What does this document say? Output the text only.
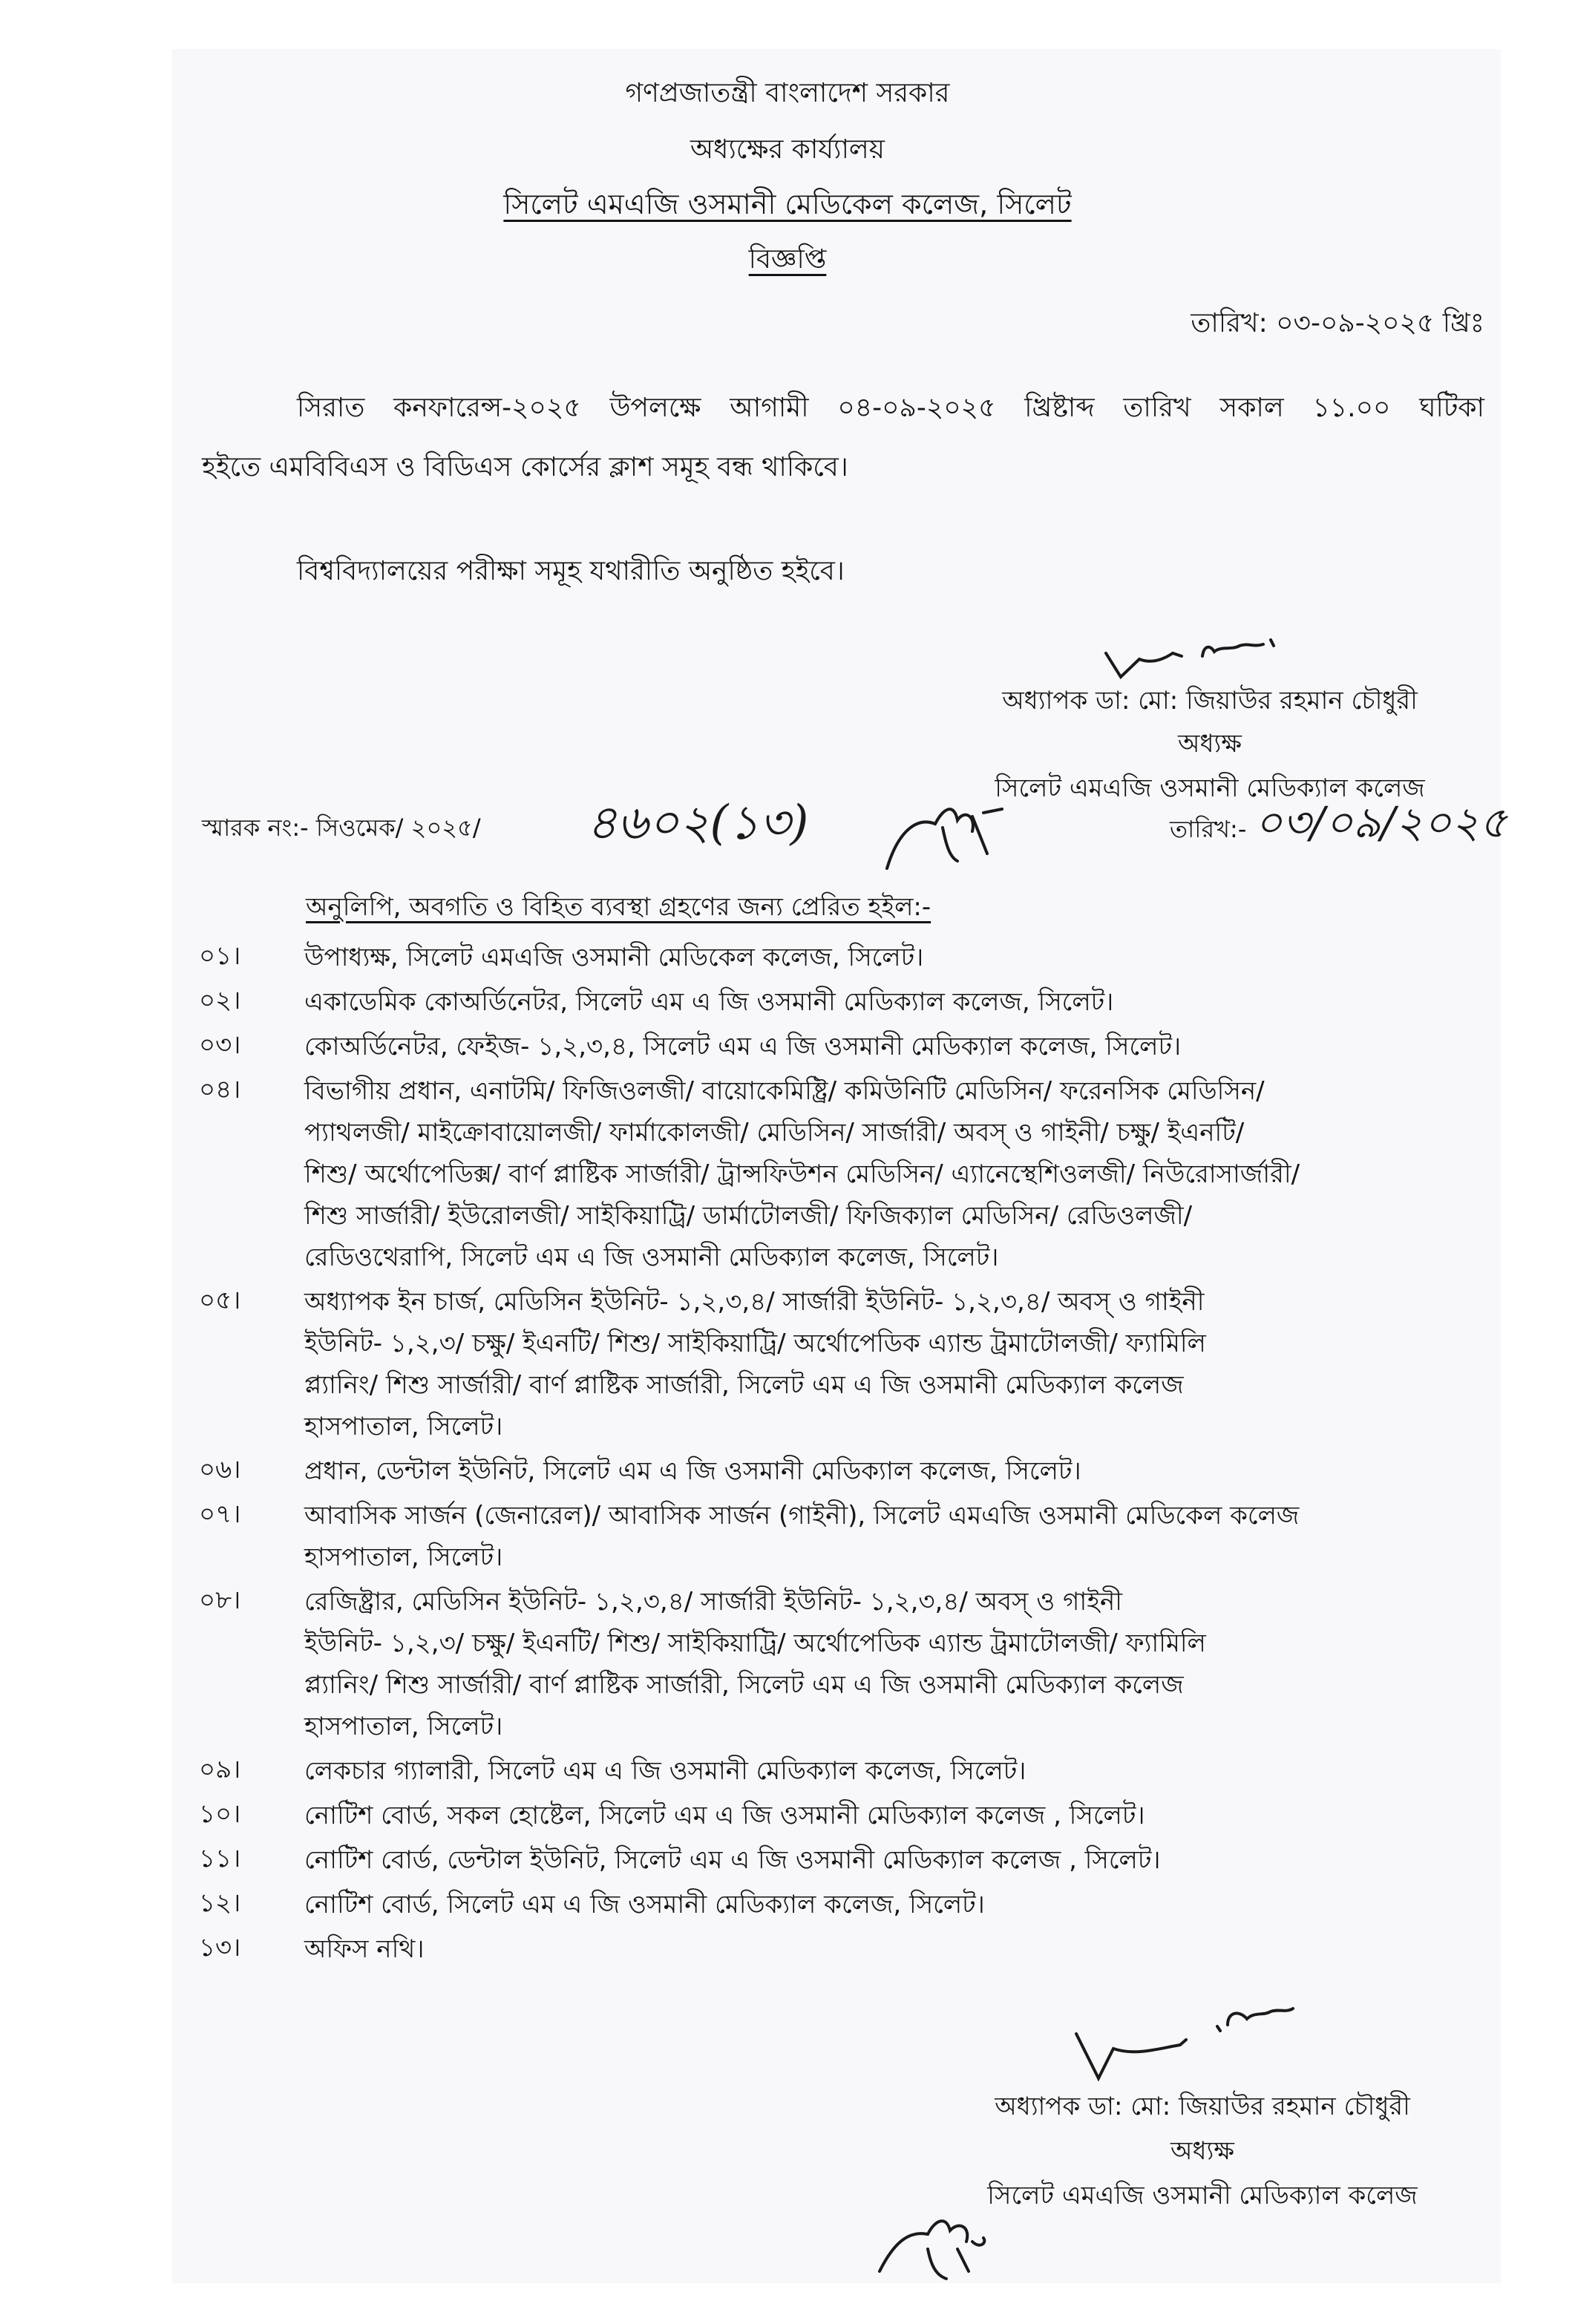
গণপ্রজাতন্ত্রী বাংলাদেশ সরকার
অধ্যক্ষের কার্য্যালয়
সিলেট এমএজি ওসমানী মেডিকেল কলেজ, সিলেট
বিজ্ঞপ্তি
তারিখ: ০৩-০৯-২০২৫ খ্রিঃ
সিরাত কনফারেন্স-২০২৫ উপলক্ষে আগামী ০৪-০৯-২০২৫ খ্রিষ্টাব্দ তারিখ সকাল ১১.০০ ঘটিকা
হইতে এমবিবিএস ও বিডিএস কোর্সের ক্লাশ সমূহ বন্ধ থাকিবে।
বিশ্ববিদ্যালয়ের পরীক্ষা সমূহ যথারীতি অনুষ্ঠিত হইবে।
অধ্যাপক ডা: মো: জিয়াউর রহমান চৌধুরী
অধ্যক্ষ
সিলেট এমএজি ওসমানী মেডিক্যাল কলেজ
স্মারক নং:- সিওমেক/ ২০২৫/ ৪৬০২(১৩)	তারিখ:- ০৩/০৯/২০২৫
অনুলিপি, অবগতি ও বিহিত ব্যবস্থা গ্রহণের জন্য প্রেরিত হইল:-
০১।	উপাধ্যক্ষ, সিলেট এমএজি ওসমানী মেডিকেল কলেজ, সিলেট।
০২।	একাডেমিক কোঅর্ডিনেটর, সিলেট এম এ জি ওসমানী মেডিক্যাল কলেজ, সিলেট।
০৩।	কোঅর্ডিনেটর, ফেইজ- ১,২,৩,৪, সিলেট এম এ জি ওসমানী মেডিক্যাল কলেজ, সিলেট।
০৪।	বিভাগীয় প্রধান, এনাটমি/ ফিজিওলজী/ বায়োকেমিষ্ট্রি/ কমিউনিটি মেডিসিন/ ফরেনসিক মেডিসিন/
প্যাথলজী/ মাইক্রোবায়োলজী/ ফার্মাকোলজী/ মেডিসিন/ সার্জারী/ অবস্ ও গাইনী/ চক্ষু/ ইএনটি/
শিশু/ অর্থোপেডিক্স/ বার্ণ প্লাষ্টিক সার্জারী/ ট্রান্সফিউশন মেডিসিন/ এ্যানেস্থেশিওলজী/ নিউরোসার্জারী/
শিশু সার্জারী/ ইউরোলজী/ সাইকিয়াট্রি/ ডার্মাটোলজী/ ফিজিক্যাল মেডিসিন/ রেডিওলজী/
রেডিওথেরাপি, সিলেট এম এ জি ওসমানী মেডিক্যাল কলেজ, সিলেট।
০৫।	অধ্যাপক ইন চার্জ, মেডিসিন ইউনিট- ১,২,৩,৪/ সার্জারী ইউনিট- ১,২,৩,৪/ অবস্ ও গাইনী
ইউনিট- ১,২,৩/ চক্ষু/ ইএনটি/ শিশু/ সাইকিয়াট্রি/ অর্থোপেডিক এ্যান্ড ট্রমাটোলজী/ ফ্যামিলি
প্ল্যানিং/ শিশু সার্জারী/ বার্ণ প্লাষ্টিক সার্জারী, সিলেট এম এ জি ওসমানী মেডিক্যাল কলেজ
হাসপাতাল, সিলেট।
০৬।	প্রধান, ডেন্টাল ইউনিট, সিলেট এম এ জি ওসমানী মেডিক্যাল কলেজ, সিলেট।
০৭।	আবাসিক সার্জন (জেনারেল)/ আবাসিক সার্জন (গাইনী), সিলেট এমএজি ওসমানী মেডিকেল কলেজ
হাসপাতাল, সিলেট।
০৮।	রেজিষ্ট্রার, মেডিসিন ইউনিট- ১,২,৩,৪/ সার্জারী ইউনিট- ১,২,৩,৪/ অবস্ ও গাইনী
ইউনিট- ১,২,৩/ চক্ষু/ ইএনটি/ শিশু/ সাইকিয়াট্রি/ অর্থোপেডিক এ্যান্ড ট্রমাটোলজী/ ফ্যামিলি
প্ল্যানিং/ শিশু সার্জারী/ বার্ণ প্লাষ্টিক সার্জারী, সিলেট এম এ জি ওসমানী মেডিক্যাল কলেজ
হাসপাতাল, সিলেট।
০৯।	লেকচার গ্যালারী, সিলেট এম এ জি ওসমানী মেডিক্যাল কলেজ, সিলেট।
১০।	নোটিশ বোর্ড, সকল হোষ্টেল, সিলেট এম এ জি ওসমানী মেডিক্যাল কলেজ , সিলেট।
১১।	নোটিশ বোর্ড, ডেন্টাল ইউনিট, সিলেট এম এ জি ওসমানী মেডিক্যাল কলেজ , সিলেট।
১২।	নোটিশ বোর্ড, সিলেট এম এ জি ওসমানী মেডিক্যাল কলেজ, সিলেট।
১৩।	অফিস নথি।
অধ্যাপক ডা: মো: জিয়াউর রহমান চৌধুরী
অধ্যক্ষ
সিলেট এমএজি ওসমানী মেডিক্যাল কলেজ
